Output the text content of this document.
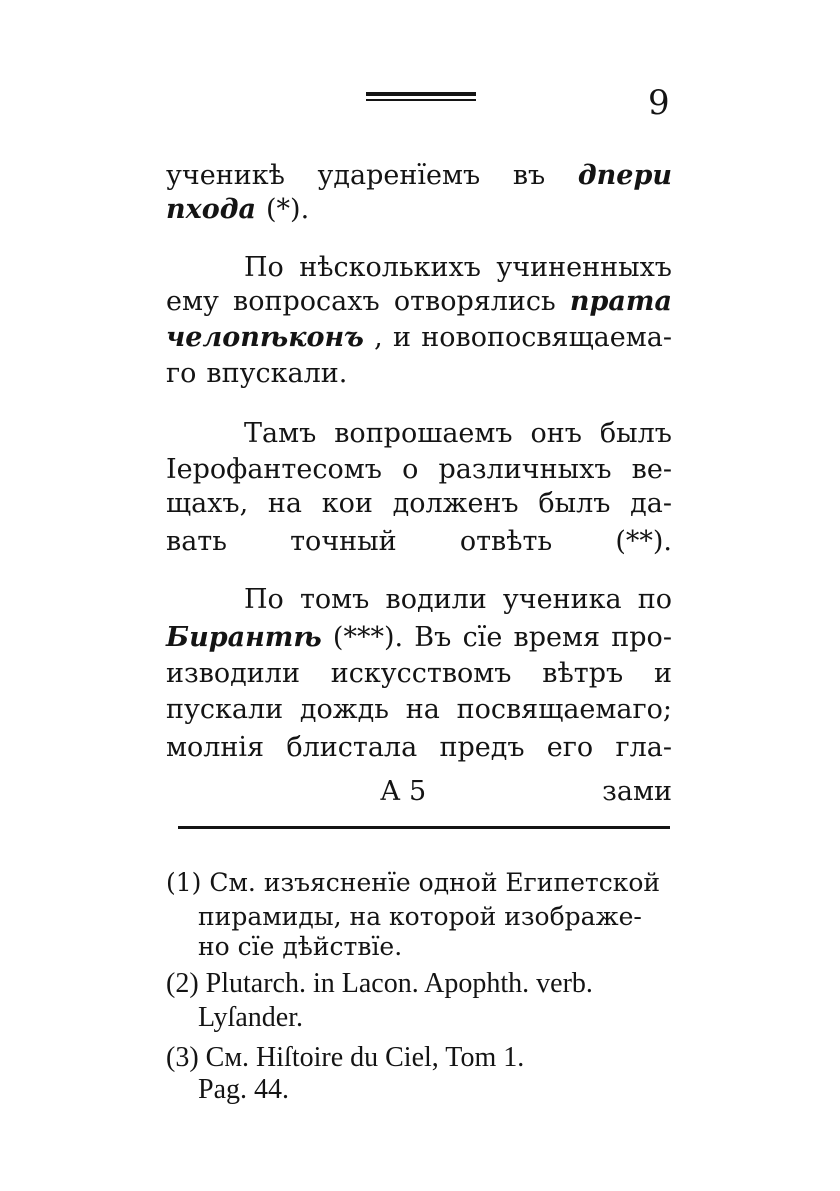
9
ученикѣ ударенїемъ въ дпери
пхода (*).
По нѣсколькихъ учиненныхъ
ему вопросахъ отворялись прата
челопѣконъ , и новопосвящаема-
го впускали.
Тамъ вопрошаемъ онъ былъ
Iерофантесомъ о различныхъ ве-
щахъ, на кои долженъ былъ да-
вать точный отвѣть (**).
По томъ водили ученика по
Бирантѣ (***). Въ сїе время про-
изводили искусствомъ вѣтръ и
пускали дождь на посвящаемаго;
молнiя блистала предъ его гла-
А 5	зами
(1) См. изъясненїе одной Египетской
пирамиды, на которой изображе-
но сїе дѣйствїе.
(2) Plutarch. in Lacon. Apophth. verb.
Lyſander.
(3) См. Hiſtoire du Ciel, Tom 1.
Pag. 44.
